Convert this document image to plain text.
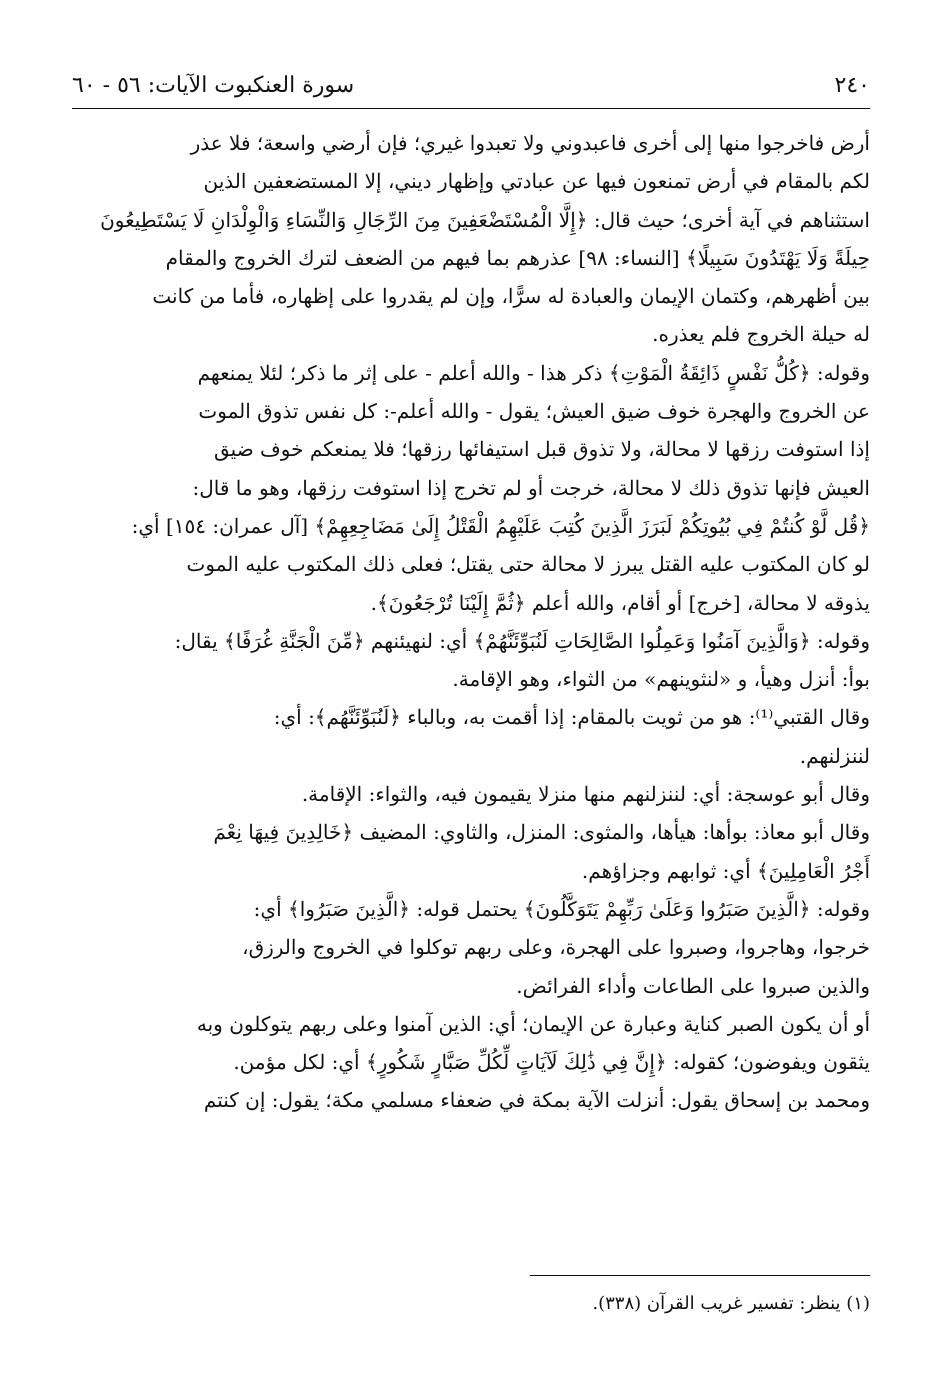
٢٤٠
سورة العنكبوت الآيات: ٥٦ - ٦٠
أرض فاخرجوا منها إلى أخرى فاعبدوني ولا تعبدوا غيري؛ فإن أرضي واسعة؛ فلا عذر
لكم بالمقام في أرض تمنعون فيها عن عبادتي وإظهار ديني، إلا المستضعفين الذين
استثناهم في آية أخرى؛ حيث قال: ﴿إِلَّا الْمُسْتَضْعَفِينَ مِنَ الرِّجَالِ وَالنِّسَاءِ وَالْوِلْدَانِ لَا يَسْتَطِيعُونَ
حِيلَةً وَلَا يَهْتَدُونَ سَبِيلًا﴾ [النساء: ٩٨] عذرهم بما فيهم من الضعف لترك الخروج والمقام
بين أظهرهم، وكتمان الإيمان والعبادة له سرًّا، وإن لم يقدروا على إظهاره، فأما من كانت
له حيلة الخروج فلم يعذره.
وقوله: ﴿كُلُّ نَفْسٍ ذَائِقَةُ الْمَوْتِ﴾ ذكر هذا - والله أعلم - على إثر ما ذكر؛ لئلا يمنعهم
عن الخروج والهجرة خوف ضيق العيش؛ يقول - والله أعلم-: كل نفس تذوق الموت
إذا استوفت رزقها لا محالة، ولا تذوق قبل استيفائها رزقها؛ فلا يمنعكم خوف ضيق
العيش فإنها تذوق ذلك لا محالة، خرجت أو لم تخرج إذا استوفت رزقها، وهو ما قال:
﴿قُل لَّوْ كُنتُمْ فِي بُيُوتِكُمْ لَبَرَزَ الَّذِينَ كُتِبَ عَلَيْهِمُ الْقَتْلُ إِلَىٰ مَضَاجِعِهِمْ﴾ [آل عمران: ١٥٤] أي:
لو كان المكتوب عليه القتل يبرز لا محالة حتى يقتل؛ فعلى ذلك المكتوب عليه الموت
يذوقه لا محالة، [خرج] أو أقام، والله أعلم ﴿ثُمَّ إِلَيْنَا تُرْجَعُونَ﴾.
وقوله: ﴿وَالَّذِينَ آمَنُوا وَعَمِلُوا الصَّالِحَاتِ لَنُبَوِّئَنَّهُمْ﴾ أي: لنهيئنهم ﴿مِّنَ الْجَنَّةِ غُرَفًا﴾ يقال:
بوأ: أنزل وهيأ، و «لنثوينهم» من الثواء، وهو الإقامة.
وقال القتبي⁽¹⁾: هو من ثويت بالمقام: إذا أقمت به، وبالباء ﴿لَنُبَوِّئَنَّهُم﴾: أي:
لننزلنهم.
وقال أبو عوسجة: أي: لننزلنهم منها منزلا يقيمون فيه، والثواء: الإقامة.
وقال أبو معاذ: بوأها: هيأها، والمثوى: المنزل، والثاوي: المضيف ﴿خَالِدِينَ فِيهَا نِعْمَ
أَجْرُ الْعَامِلِينَ﴾ أي: ثوابهم وجزاؤهم.
وقوله: ﴿الَّذِينَ صَبَرُوا وَعَلَىٰ رَبِّهِمْ يَتَوَكَّلُونَ﴾ يحتمل قوله: ﴿الَّذِينَ صَبَرُوا﴾ أي:
خرجوا، وهاجروا، وصبروا على الهجرة، وعلى ربهم توكلوا في الخروج والرزق،
والذين صبروا على الطاعات وأداء الفرائض.
أو أن يكون الصبر كناية وعبارة عن الإيمان؛ أي: الذين آمنوا وعلى ربهم يتوكلون وبه
يثقون ويفوضون؛ كقوله: ﴿إِنَّ فِي ذَٰلِكَ لَآيَاتٍ لِّكُلِّ صَبَّارٍ شَكُورٍ﴾ أي: لكل مؤمن.
ومحمد بن إسحاق يقول: أنزلت الآية بمكة في ضعفاء مسلمي مكة؛ يقول: إن كنتم
(١) ينظر: تفسير غريب القرآن (٣٣٨).
